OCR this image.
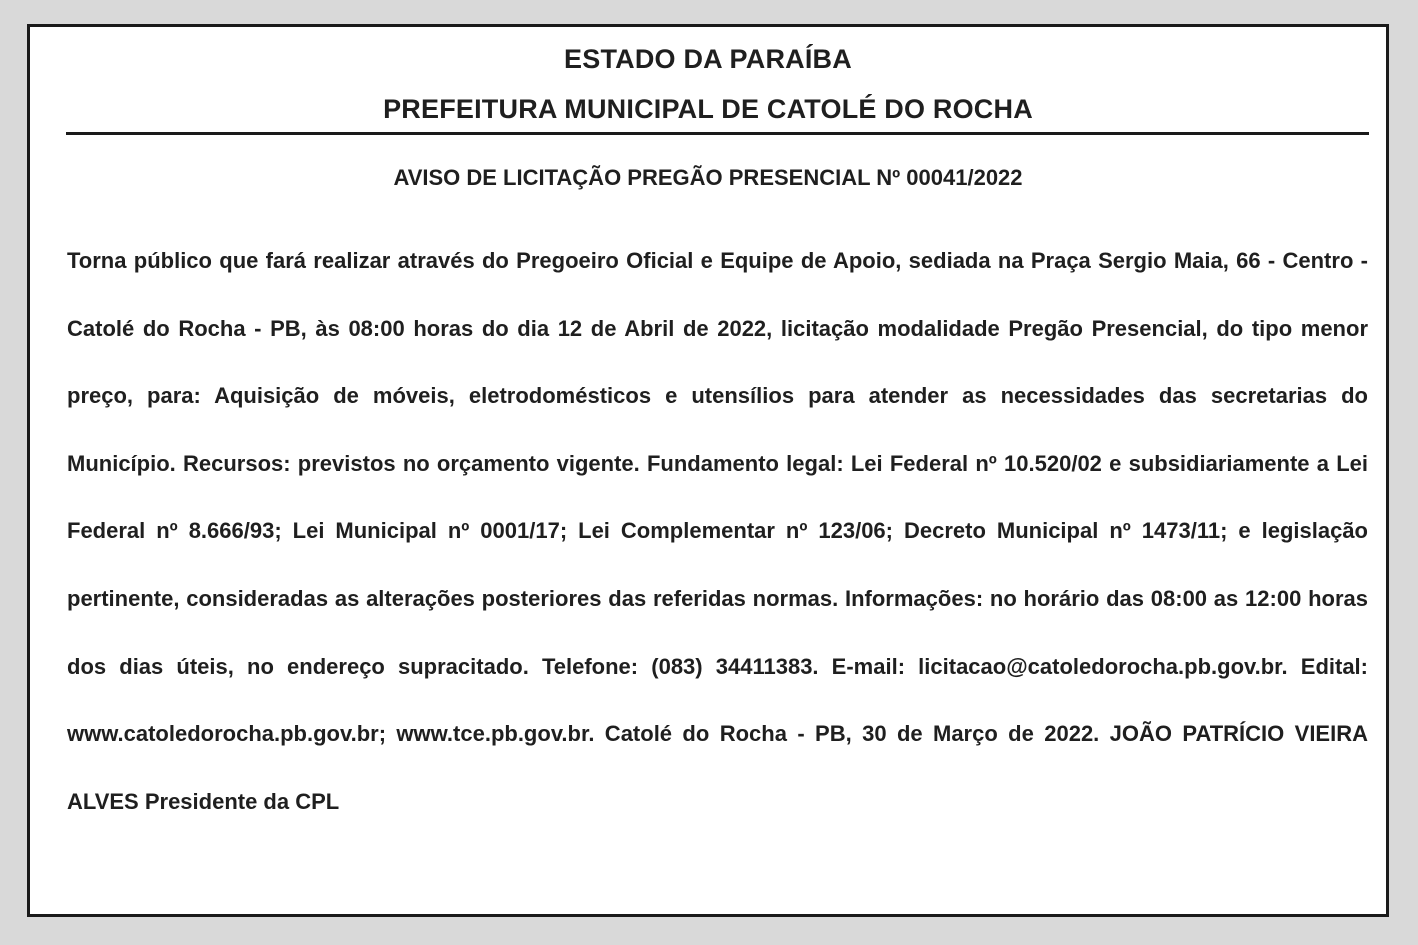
ESTADO DA PARAÍBA
PREFEITURA MUNICIPAL DE CATOLÉ DO ROCHA
AVISO DE LICITAÇÃO PREGÃO PRESENCIAL Nº 00041/2022

Torna público que fará realizar através do Pregoeiro Oficial e Equipe de Apoio, sediada na Praça Sergio Maia, 66 - Centro - Catolé do Rocha - PB, às 08:00 horas do dia 12 de Abril de 2022, licitação modalidade Pregão Presencial, do tipo menor preço, para: Aquisição de móveis, eletrodomésticos e utensílios para atender as necessidades das secretarias do Município. Recursos: previstos no orçamento vigente. Fundamento legal: Lei Federal nº 10.520/02 e subsidiariamente a Lei Federal nº 8.666/93; Lei Municipal nº 0001/17; Lei Complementar nº 123/06; Decreto Municipal nº 1473/11; e legislação pertinente, consideradas as alterações posteriores das referidas normas. Informações: no horário das 08:00 as 12:00 horas dos dias úteis, no endereço supracitado. Telefone: (083) 34411383. E-mail: licitacao@catoledorocha.pb.gov.br. Edital: www.catoledorocha.pb.gov.br; www.tce.pb.gov.br. Catolé do Rocha - PB, 30 de Março de 2022. JOÃO PATRÍCIO VIEIRA ALVES Presidente da CPL
